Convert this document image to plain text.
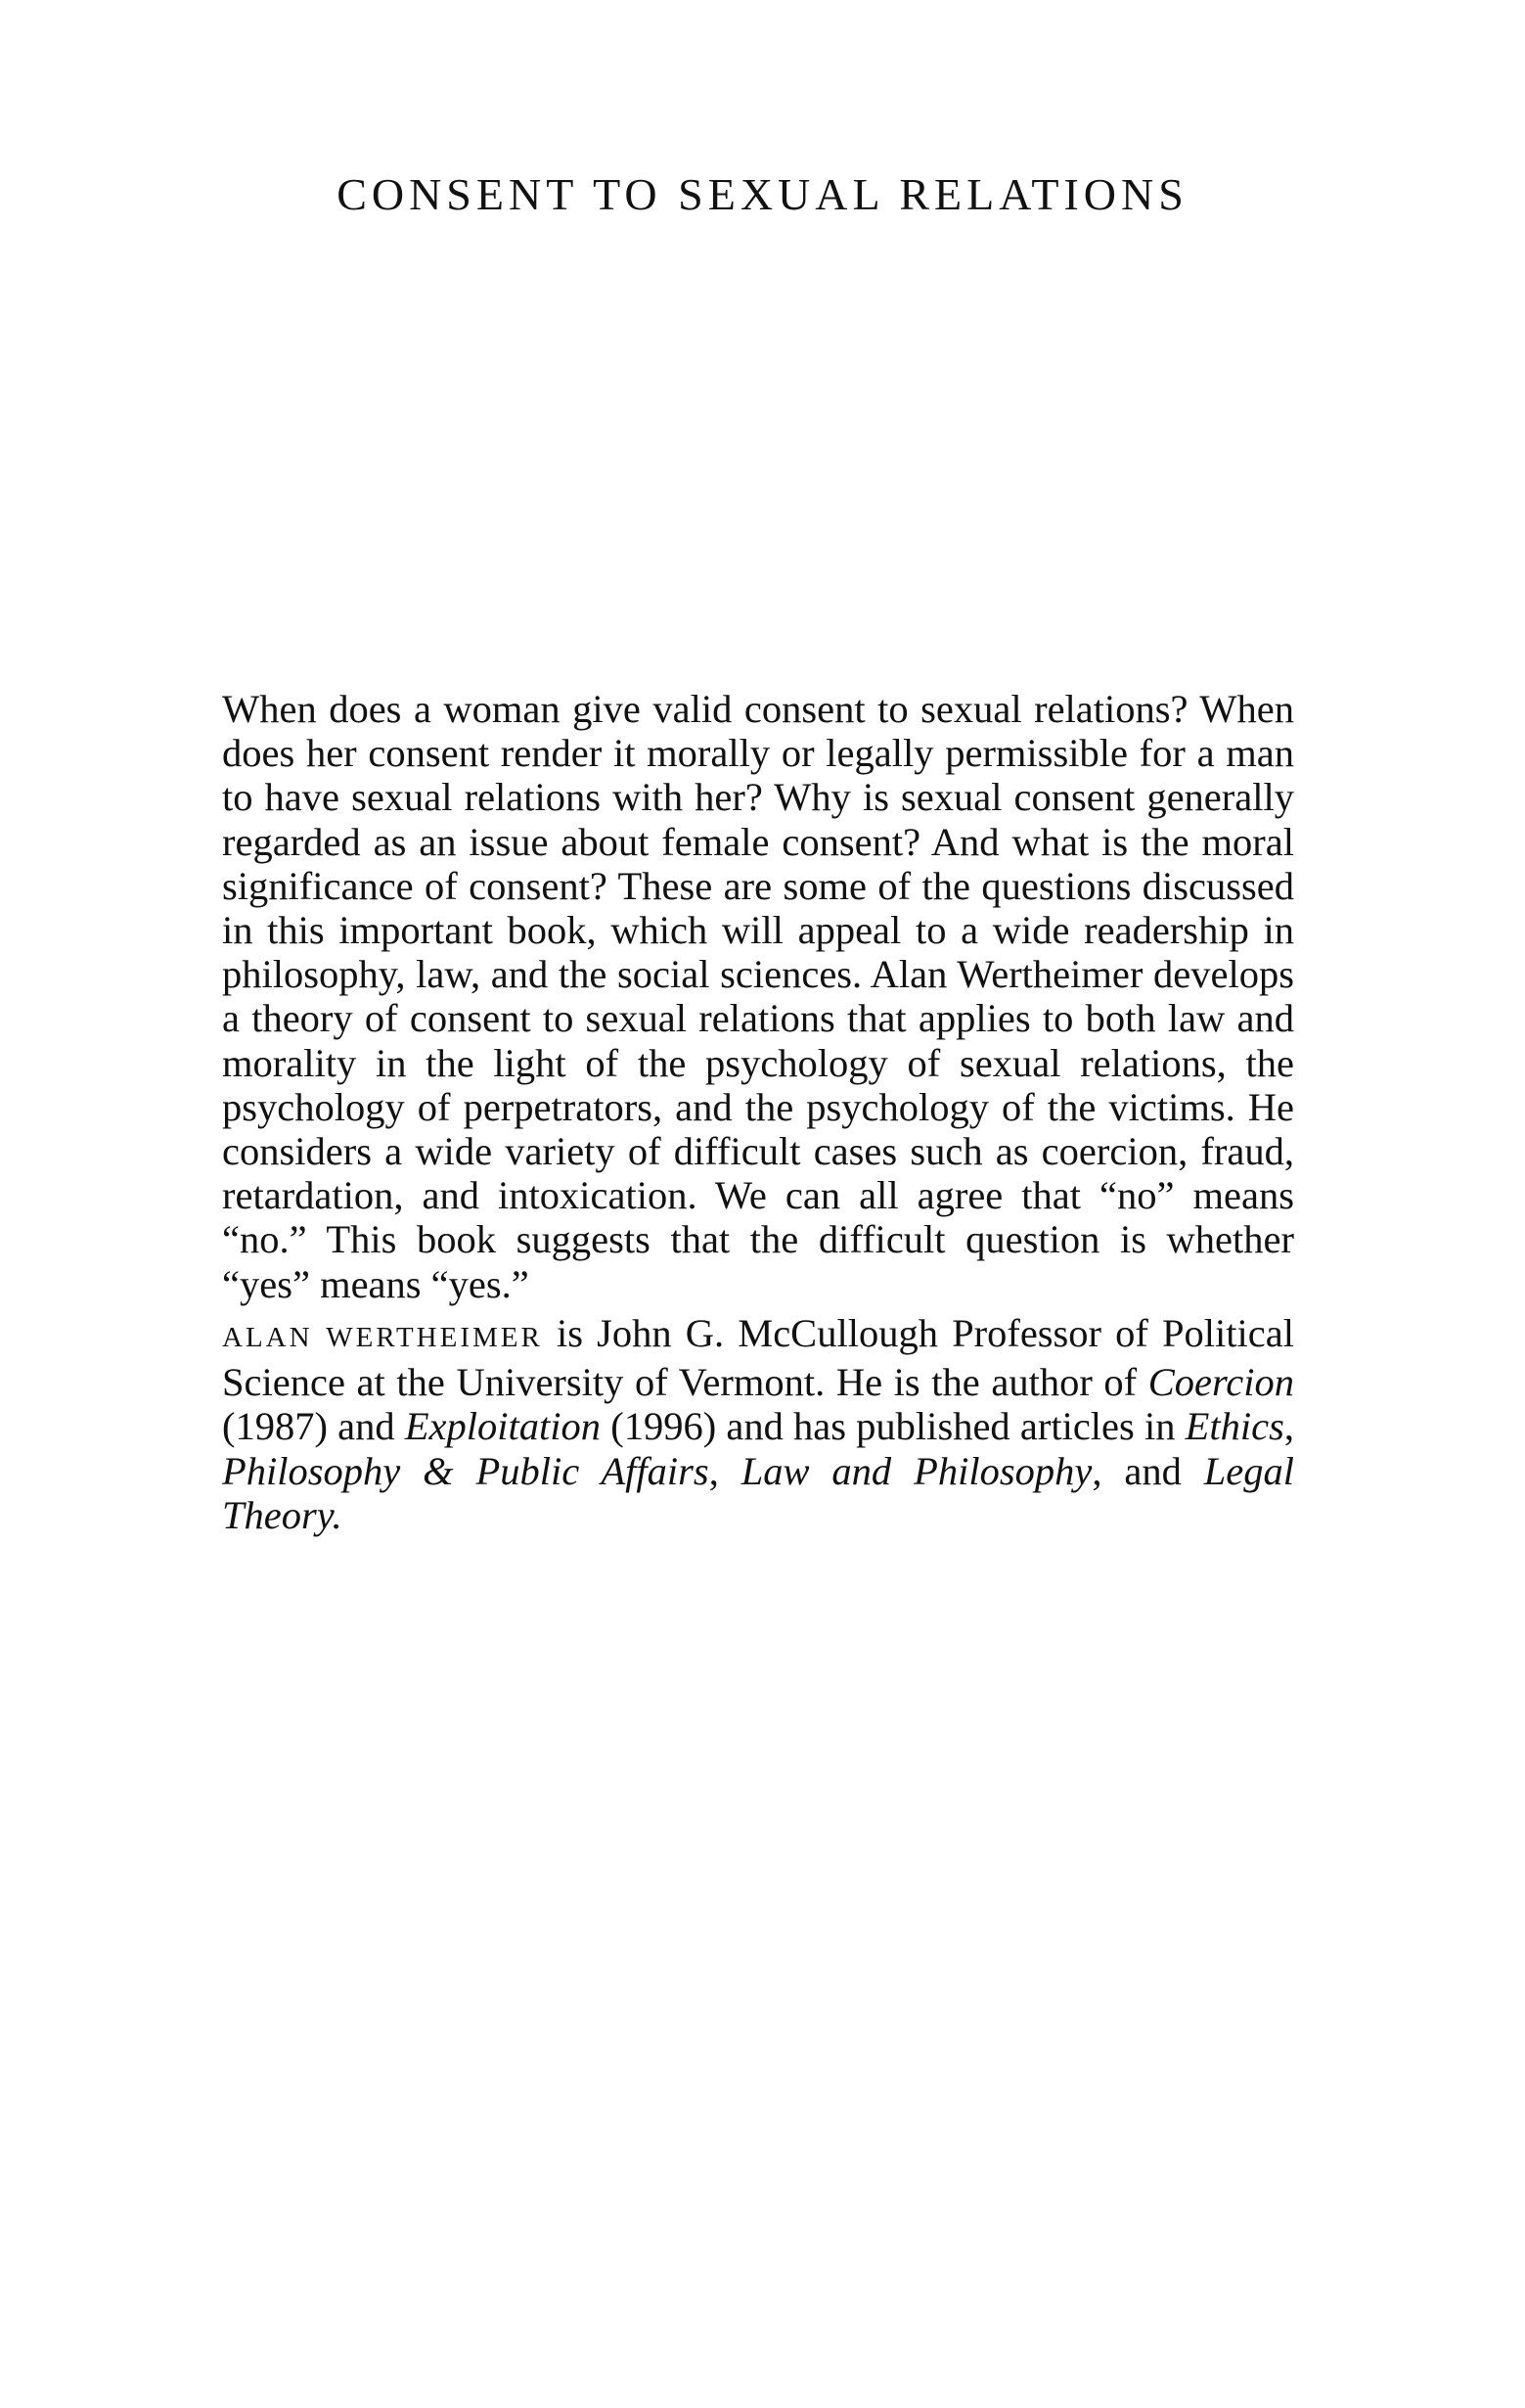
CONSENT TO SEXUAL RELATIONS

When does a woman give valid consent to sexual relations? When does her consent render it morally or legally permissible for a man to have sexual relations with her? Why is sexual consent generally regarded as an issue about female consent? And what is the moral significance of consent? These are some of the questions discussed in this important book, which will appeal to a wide readership in philosophy, law, and the social sciences. Alan Wertheimer develops a theory of consent to sexual relations that applies to both law and morality in the light of the psychology of sexual relations, the psychology of perpetrators, and the psychology of the victims. He considers a wide variety of difficult cases such as coercion, fraud, retardation, and intoxication. We can all agree that “no” means “no.” This book suggests that the difficult question is whether “yes” means “yes.”

ALAN WERTHEIMER is John G. McCullough Professor of Political Science at the University of Vermont. He is the author of Coercion (1987) and Exploitation (1996) and has published articles in Ethics, Philosophy & Public Affairs, Law and Philosophy, and Legal Theory.
